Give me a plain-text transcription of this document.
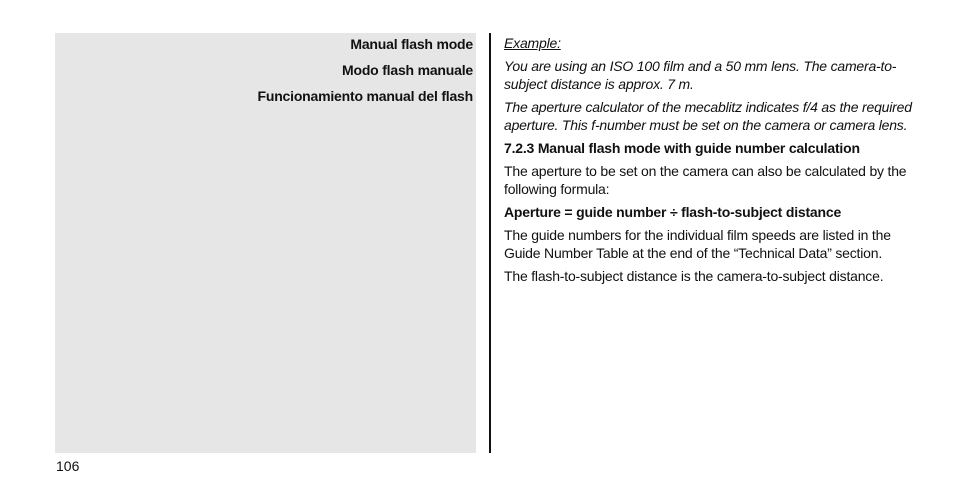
Manual flash mode
Modo flash manuale
Funcionamiento manual del flash

Example:

You are using an ISO 100 film and a 50 mm lens. The camera-to-subject distance is approx. 7 m.

The aperture calculator of the mecablitz indicates f/4 as the required aperture. This f-number must be set on the camera or camera lens.

7.2.3 Manual flash mode with guide number calculation

The aperture to be set on the camera can also be calculated by the following formula:

Aperture = guide number ÷ flash-to-subject distance

The guide numbers for the individual film speeds are listed in the Guide Number Table at the end of the “Technical Data” section.

The flash-to-subject distance is the camera-to-subject distance.

106
